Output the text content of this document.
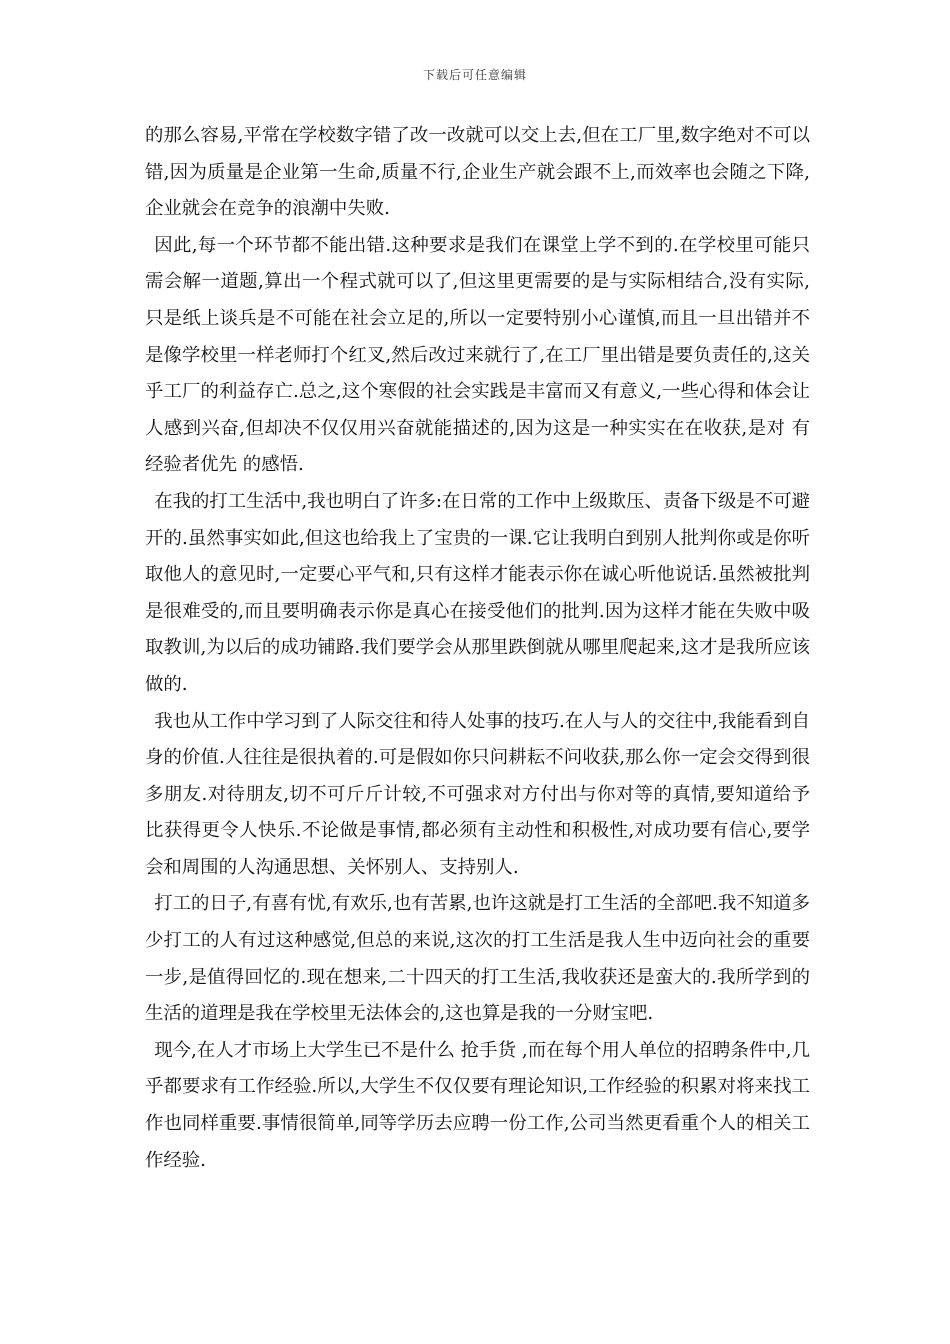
下载后可任意编辑

的那么容易,平常在学校数字错了改一改就可以交上去,但在工厂里,数字绝对不可以错,因为质量是企业第一生命,质量不行,企业生产就会跟不上,而效率也会随之下降,企业就会在竞争的浪潮中失败.

因此,每一个环节都不能出错.这种要求是我们在课堂上学不到的.在学校里可能只需会解一道题,算出一个程式就可以了,但这里更需要的是与实际相结合,没有实际,只是纸上谈兵是不可能在社会立足的,所以一定要特别小心谨慎,而且一旦出错并不是像学校里一样老师打个红叉,然后改过来就行了,在工厂里出错是要负责任的,这关乎工厂的利益存亡.总之,这个寒假的社会实践是丰富而又有意义,一些心得和体会让人感到兴奋,但却决不仅仅用兴奋就能描述的,因为这是一种实实在在收获,是对 有经验者优先 的感悟.

在我的打工生活中,我也明白了许多:在日常的工作中上级欺压、责备下级是不可避开的.虽然事实如此,但这也给我上了宝贵的一课.它让我明白到别人批判你或是你听取他人的意见时,一定要心平气和,只有这样才能表示你在诚心听他说话.虽然被批判是很难受的,而且要明确表示你是真心在接受他们的批判.因为这样才能在失败中吸取教训,为以后的成功铺路.我们要学会从那里跌倒就从哪里爬起来,这才是我所应该做的.

我也从工作中学习到了人际交往和待人处事的技巧.在人与人的交往中,我能看到自身的价值.人往往是很执着的.可是假如你只问耕耘不问收获,那么你一定会交得到很多朋友.对待朋友,切不可斤斤计较,不可强求对方付出与你对等的真情,要知道给予比获得更令人快乐.不论做是事情,都必须有主动性和积极性,对成功要有信心,要学会和周围的人沟通思想、关怀别人、支持别人.

打工的日子,有喜有忧,有欢乐,也有苦累,也许这就是打工生活的全部吧.我不知道多少打工的人有过这种感觉,但总的来说,这次的打工生活是我人生中迈向社会的重要一步,是值得回忆的.现在想来,二十四天的打工生活,我收获还是蛮大的.我所学到的生活的道理是我在学校里无法体会的,这也算是我的一分财宝吧.

现今,在人才市场上大学生已不是什么 抢手货 ,而在每个用人单位的招聘条件中,几乎都要求有工作经验.所以,大学生不仅仅要有理论知识,工作经验的积累对将来找工作也同样重要.事情很简单,同等学历去应聘一份工作,公司当然更看重个人的相关工作经验.
